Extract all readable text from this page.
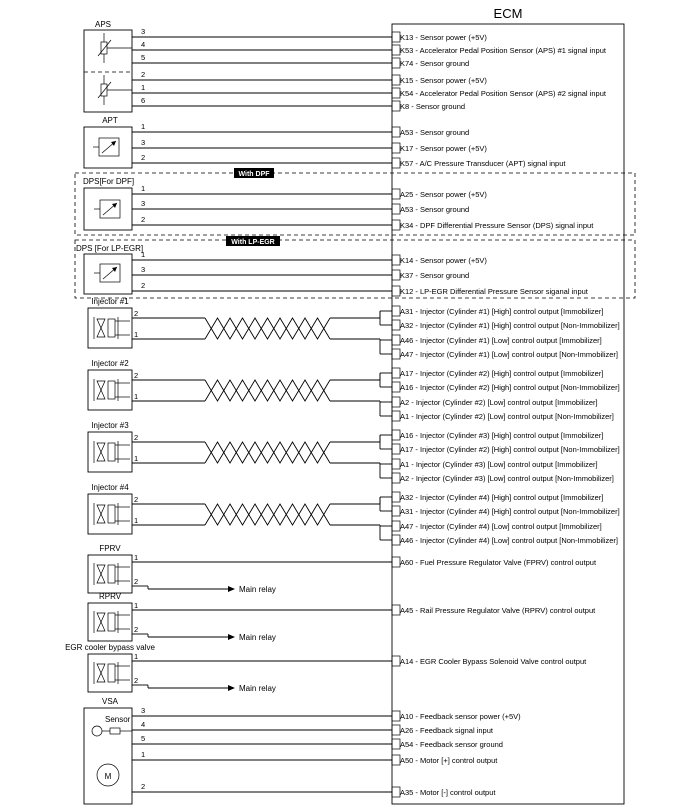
ECM
APS
3
K13 - Sensor power (+5V)
4
K53 - Accelerator Pedal Position Sensor (APS) #1 signal input
5
K74 - Sensor ground
2
K15 - Sensor power (+5V)
1
K54 - Accelerator Pedal Position Sensor (APS) #2 signal input
6
K8 - Sensor ground
APT
1
A53 - Sensor ground
3
K17 - Sensor power (+5V)
2
K57 - A/C Pressure Transducer (APT) signal input
With DPF
DPS[For DPF]
1
A25 - Sensor power (+5V)
3
A53 - Sensor ground
2
K34 - DPF Differential Pressure Sensor (DPS) signal input
With LP-EGR
DPS [For LP-EGR]
1
K14 - Sensor power (+5V)
3
K37 - Sensor ground
2
K12 - LP-EGR Differential Pressure Sensor siganal input
Injector #1
2
1
A31 - Injector (Cylinder #1) [High] control output [Immobilizer]
A32 - Injector (Cylinder #1) [High] control output [Non-Immobilizer]
A46 - Injector (Cylinder #1) [Low] control output [Immobilizer]
A47 - Injector (Cylinder #1) [Low] control output [Non-Immobilizer]
Injector #2
2
1
A17 - Injector (Cylinder #2) [High] control output [Immobilizer]
A16 - Injector (Cylinder #2) [High] control output [Non-Immobilizer]
A2 - Injector (Cylinder #2) [Low] control output [Immobilizer]
A1 - Injector (Cylinder #2) [Low] control output [Non-Immobilizer]
Injector #3
2
1
A16 - Injector (Cylinder #3) [High] control output [Immobilizer]
A17 - Injector (Cylinder #2) [High] control output [Non-Immobilizer]
A1 - Injector (Cylinder #3) [Low] control output [Immobilizer]
A2 - Injector (Cylinder #3) [Low] control output [Non-Immobilizer]
Injector #4
2
1
A32 - Injector (Cylinder #4) [High] control output [Immobilizer]
A31 - Injector (Cylinder #4) [High] control output [Non-Immobilizer]
A47 - Injector (Cylinder #4) [Low] control output [Immobilizer]
A46 - Injector (Cylinder #4) [Low] control output [Non-Immobilizer]
FPRV
1
A60 - Fuel Pressure Regulator Valve (FPRV) control output
2
Main relay
RPRV
1
A45 - Rail Pressure Regulator Valve (RPRV) control output
2
Main relay
EGR cooler bypass valve
1
A14 - EGR Cooler Bypass Solenoid Valve control output
2
Main relay
VSA
Sensor
M
3
A10 - Feedback sensor power (+5V)
4
A26 - Feedback signal input
5
A54 - Feedback sensor ground
1
A50 - Motor [+] control output
2
A35 - Motor [-] control output
